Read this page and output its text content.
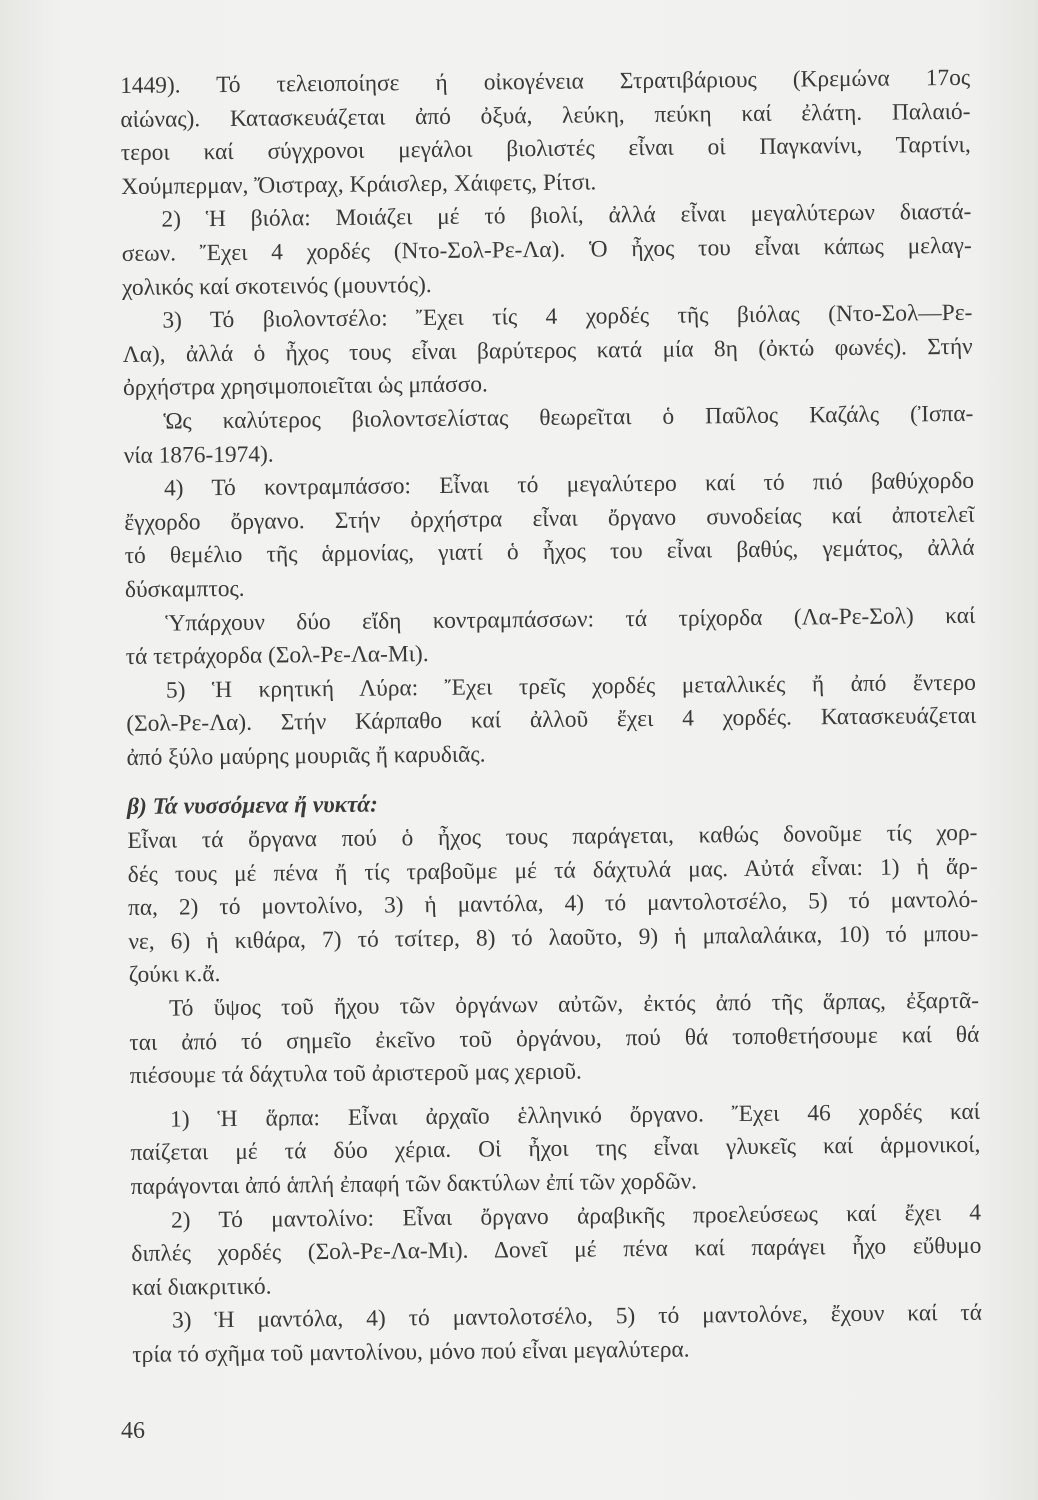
1449). Τό τελειοποίησε ή οἰκογένεια Στρατιβάριους (Κρεμώνα 17ος
αἰώνας). Κατασκευάζεται ἀπό ὀξυά, λεύκη, πεύκη καί ἐλάτη. Παλαιό-
τεροι καί σύγχρονοι μεγάλοι βιολιστές εἶναι οἱ Παγκανίνι, Ταρτίνι,
Χούμπερμαν, Ὄιστραχ, Κράισλερ, Χάιφετς, Ρίτσι.
2) Ἡ βιόλα: Μοιάζει μέ τό βιολί, ἀλλά εἶναι μεγαλύτερων διαστά-
σεων. Ἔχει 4 χορδές (Ντο-Σολ-Ρε-Λα). Ὁ ἦχος του εἶναι κάπως μελαγ-
χολικός καί σκοτεινός (μουντός).
3) Τό βιολοντσέλο: Ἔχει τίς 4 χορδές τῆς βιόλας (Ντο-Σολ—Ρε-
Λα), ἀλλά ὁ ἦχος τους εἶναι βαρύτερος κατά μία 8η (ὀκτώ φωνές). Στήν
ὀρχήστρα χρησιμοποιεῖται ὡς μπάσσο.
Ὡς καλύτερος βιολοντσελίστας θεωρεῖται ὁ Παῦλος Καζάλς (Ἰσπα-
νία 1876-1974).
4) Τό κοντραμπάσσο: Εἶναι τό μεγαλύτερο καί τό πιό βαθύχορδο
ἔγχορδο ὄργανο. Στήν ὀρχήστρα εἶναι ὄργανο συνοδείας καί ἀποτελεῖ
τό θεμέλιο τῆς ἁρμονίας, γιατί ὁ ἦχος του εἶναι βαθύς, γεμάτος, ἀλλά
δύσκαμπτος.
Ὑπάρχουν δύο εἴδη κοντραμπάσσων: τά τρίχορδα (Λα-Ρε-Σολ) καί
τά τετράχορδα (Σολ-Ρε-Λα-Μι).
5) Ἡ κρητική Λύρα: Ἔχει τρεῖς χορδές μεταλλικές ἤ ἀπό ἔντερο
(Σολ-Ρε-Λα). Στήν Κάρπαθο καί ἀλλοῦ ἔχει 4 χορδές. Κατασκευάζεται
ἀπό ξύλο μαύρης μουριᾶς ἤ καρυδιᾶς.
β) Τά νυσσόμενα ἤ νυκτά:
Εἶναι τά ὄργανα πού ὁ ἦχος τους παράγεται, καθώς δονοῦμε τίς χορ-
δές τους μέ πένα ἤ τίς τραβοῦμε μέ τά δάχτυλά μας. Αὐτά εἶναι: 1) ἡ ἅρ-
πα, 2) τό μοντολίνο, 3) ἡ μαντόλα, 4) τό μαντολοτσέλο, 5) τό μαντολό-
νε, 6) ἡ κιθάρα, 7) τό τσίτερ, 8) τό λαοῦτο, 9) ἡ μπαλαλάικα, 10) τό μπου-
ζούκι κ.ἄ.
Τό ὕψος τοῦ ἤχου τῶν ὀργάνων αὐτῶν, ἐκτός ἀπό τῆς ἅρπας, ἐξαρτᾶ-
ται ἀπό τό σημεῖο ἐκεῖνο τοῦ ὀργάνου, πού θά τοποθετήσουμε καί θά
πιέσουμε τά δάχτυλα τοῦ ἀριστεροῦ μας χεριοῦ.
1) Ἡ ἅρπα: Εἶναι ἀρχαῖο ἑλληνικό ὄργανο. Ἔχει 46 χορδές καί
παίζεται μέ τά δύο χέρια. Οἱ ἦχοι της εἶναι γλυκεῖς καί ἁρμονικοί,
παράγονται ἀπό ἁπλή ἐπαφή τῶν δακτύλων ἐπί τῶν χορδῶν.
2) Τό μαντολίνο: Εἶναι ὄργανο ἀραβικῆς προελεύσεως καί ἔχει 4
διπλές χορδές (Σολ-Ρε-Λα-Μι). Δονεῖ μέ πένα καί παράγει ἦχο εὔθυμο
καί διακριτικό.
3) Ἡ μαντόλα, 4) τό μαντολοτσέλο, 5) τό μαντολόνε, ἔχουν καί τά
τρία τό σχῆμα τοῦ μαντολίνου, μόνο πού εἶναι μεγαλύτερα.
46
